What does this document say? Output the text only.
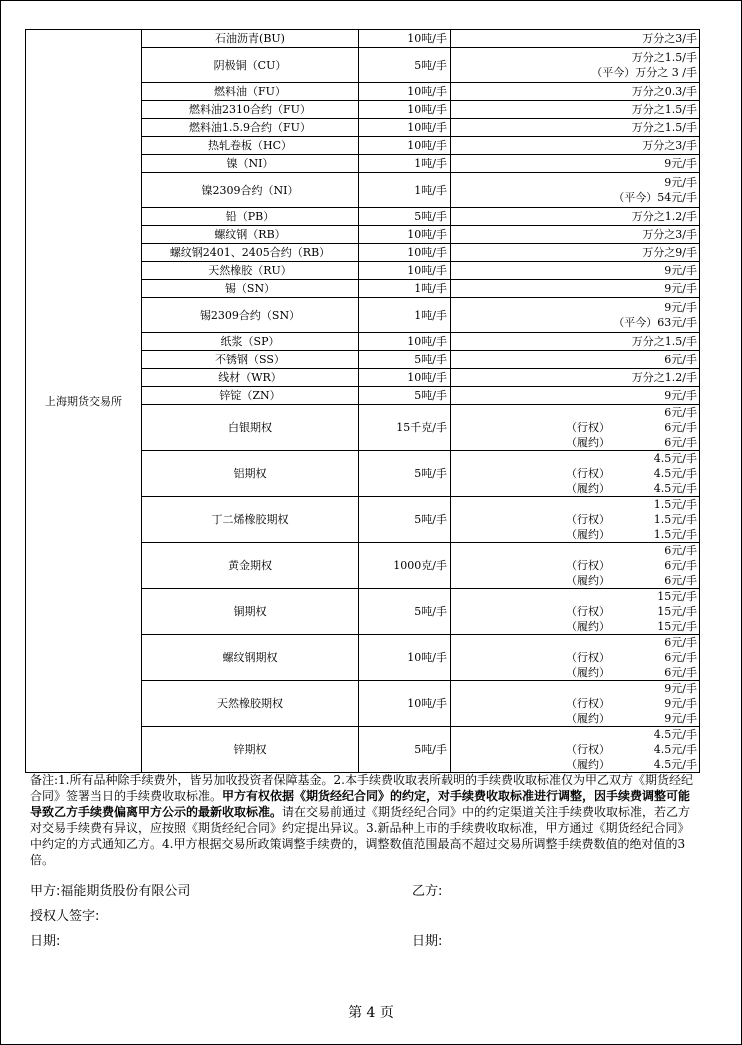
上海期货交易所	石油沥青(BU)	10吨/手	万分之3/手

	阴极铜（CU）	5吨/手	万分之1.5/手
（平今）万分之 3 /手

	燃料油（FU）	10吨/手	万分之0.3/手

	燃料油2310合约（FU）	10吨/手	万分之1.5/手

	燃料油1.5.9合约（FU）	10吨/手	万分之1.5/手

	热轧卷板（HC）	10吨/手	万分之3/手

	镍（NI）	1吨/手	9元/手

	镍2309合约（NI）	1吨/手	9元/手
（平今）54元/手

	铅（PB）	5吨/手	万分之1.2/手

	螺纹钢（RB）	10吨/手	万分之3/手

	螺纹钢2401、2405合约（RB）	10吨/手	万分之9/手

	天然橡胶（RU）	10吨/手	9元/手

	锡（SN）	1吨/手	9元/手

	锡2309合约（SN）	1吨/手	9元/手
（平今）63元/手

	纸浆（SP）	10吨/手	万分之1.5/手

	不锈钢（SS）	5吨/手	6元/手

	线材（WR）	10吨/手	万分之1.2/手

	锌锭（ZN）	5吨/手	9元/手

	白银期权	15千克/手	6元/手
（行权） 6元/手
（履约） 6元/手

	铝期权	5吨/手	4.5元/手
（行权） 4.5元/手
（履约） 4.5元/手

	丁二烯橡胶期权	5吨/手	1.5元/手
（行权） 1.5元/手
（履约） 1.5元/手

	黄金期权	1000克/手	6元/手
（行权） 6元/手
（履约） 6元/手

	铜期权	5吨/手	15元/手
（行权） 15元/手
（履约） 15元/手

	螺纹钢期权	10吨/手	6元/手
（行权） 6元/手
（履约） 6元/手

	天然橡胶期权	10吨/手	9元/手
（行权） 9元/手
（履约） 9元/手

	锌期权	5吨/手	4.5元/手
（行权） 4.5元/手
（履约） 4.5元/手
备注:1.所有品种除手续费外，皆另加收投资者保障基金。2.本手续费收取表所载明的手续费收取标准仅为甲乙双方《期货经纪合同》签署当日的手续费收取标准。甲方有权依据《期货经纪合同》的约定，对手续费收取标准进行调整，因手续费调整可能导致乙方手续费偏离甲方公示的最新收取标准。请在交易前通过《期货经纪合同》中的约定渠道关注手续费收取标准，若乙方对交易手续费有异议，应按照《期货经纪合同》约定提出异议。3.新品种上市的手续费收取标准，甲方通过《期货经纪合同》中约定的方式通知乙方。4.甲方根据交易所政策调整手续费的，调整数值范围最高不超过交易所调整手续费数值的绝对值的3倍。
甲方:福能期货股份有限公司	乙方:
授权人签字:
日期:	日期:
第 4 页
